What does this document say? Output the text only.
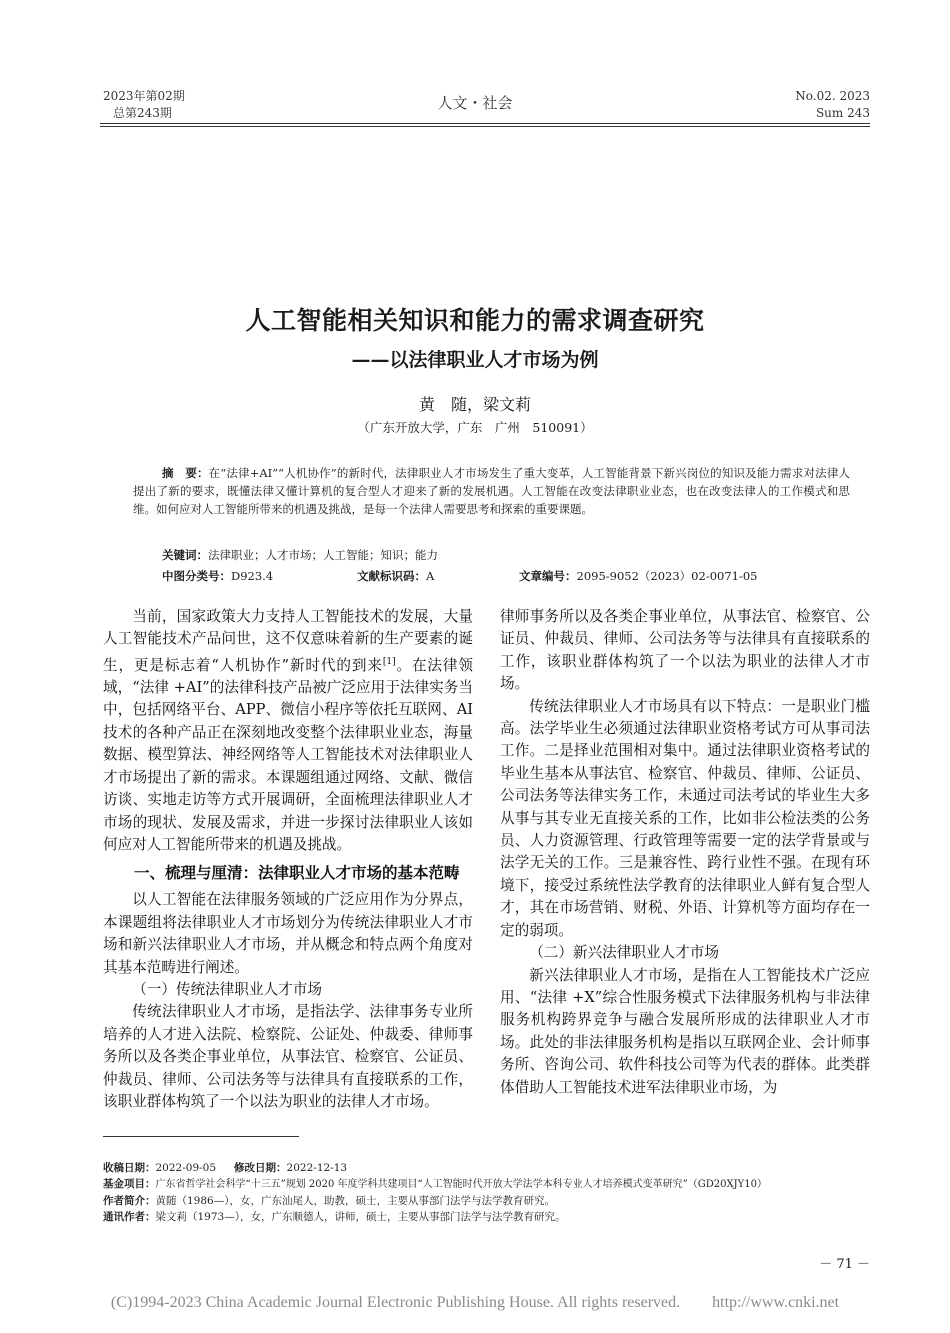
2023年第02期
总第243期
人文・社会	No.02. 2023
Sum 243
人工智能相关知识和能力的需求调查研究
——以法律职业人才市场为例
黄　随，梁文莉
（广东开放大学，广东　广州　510091）
摘　要：在“法律+AI”“人机协作”的新时代，法律职业人才市场发生了重大变革，人工智能背景下新兴岗位的知识及能力需求对法律人提出了新的要求，既懂法律又懂计算机的复合型人才迎来了新的发展机遇。人工智能在改变法律职业业态，也在改变法律人的工作模式和思维。如何应对人工智能所带来的机遇及挑战，是每一个法律人需要思考和探索的重要课题。
关键词：法律职业；人才市场；人工智能；知识；能力
中图分类号：D923.4	文献标识码：A	文章编号：2095-9052（2023）02-0071-05

当前，国家政策大力支持人工智能技术的发展，大量人工智能技术产品问世，这不仅意味着新的生产要素的诞生，更是标志着“人机协作”新时代的到来[1]。在法律领域，“法律 +AI”的法律科技产品被广泛应用于法律实务当中，包括网络平台、APP、微信小程序等依托互联网、AI 技术的各种产品正在深刻地改变整个法律职业业态，海量数据、模型算法、神经网络等人工智能技术对法律职业人才市场提出了新的需求。本课题组通过网络、文献、微信访谈、实地走访等方式开展调研，全面梳理法律职业人才市场的现状、发展及需求，并进一步探讨法律职业人该如何应对人工智能所带来的机遇及挑战。

一、梳理与厘清：法律职业人才市场的基本范畴

以人工智能在法律服务领域的广泛应用作为分界点，本课题组将法律职业人才市场划分为传统法律职业人才市场和新兴法律职业人才市场，并从概念和特点两个角度对其基本范畴进行阐述。

（一）传统法律职业人才市场

传统法律职业人才市场，是指法学、法律事务专业所培养的人才进入法院、检察院、公证处、仲裁委、律师事务所以及各类企事业单位，从事法官、检察官、公证员、仲裁员、律师、公司法务等与法律具有直接联系的工作，该职业群体构筑了一个以法为职业的法律人才市场。

律师事务所以及各类企事业单位，从事法官、检察官、公证员、仲裁员、律师、公司法务等与法律具有直接联系的工作，该职业群体构筑了一个以法为职业的法律人才市场。

传统法律职业人才市场具有以下特点：一是职业门槛高。法学毕业生必须通过法律职业资格考试方可从事司法工作。二是择业范围相对集中。通过法律职业资格考试的毕业生基本从事法官、检察官、仲裁员、律师、公证员、公司法务等法律实务工作，未通过司法考试的毕业生大多从事与其专业无直接关系的工作，比如非公检法类的公务员、人力资源管理、行政管理等需要一定的法学背景或与法学无关的工作。三是兼容性、跨行业性不强。在现有环境下，接受过系统性法学教育的法律职业人鲜有复合型人才，其在市场营销、财税、外语、计算机等方面均存在一定的弱项。

（二）新兴法律职业人才市场

新兴法律职业人才市场，是指在人工智能技术广泛应用、“法律 +X”综合性服务模式下法律服务机构与非法律服务机构跨界竞争与融合发展所形成的法律职业人才市场。此处的非法律服务机构是指以互联网企业、会计师事务所、咨询公司、软件科技公司等为代表的群体。此类群体借助人工智能技术进军法律职业市场，为

收稿日期：2022-09-05 修改日期：2022-12-13
基金项目：广东省哲学社会科学“十三五”规划 2020 年度学科共建项目“人工智能时代开放大学法学本科专业人才培养模式变革研究”（GD20XJY10）
作者简介：黄随（1986—），女，广东汕尾人，助教，硕士，主要从事部门法学与法学教育研究。
通讯作者：梁文莉（1973—），女，广东顺德人，讲师，硕士，主要从事部门法学与法学教育研究。
－ 71 －
(C)1994-2023 China Academic Journal Electronic Publishing House. All rights reserved.　　http://www.cnki.net
